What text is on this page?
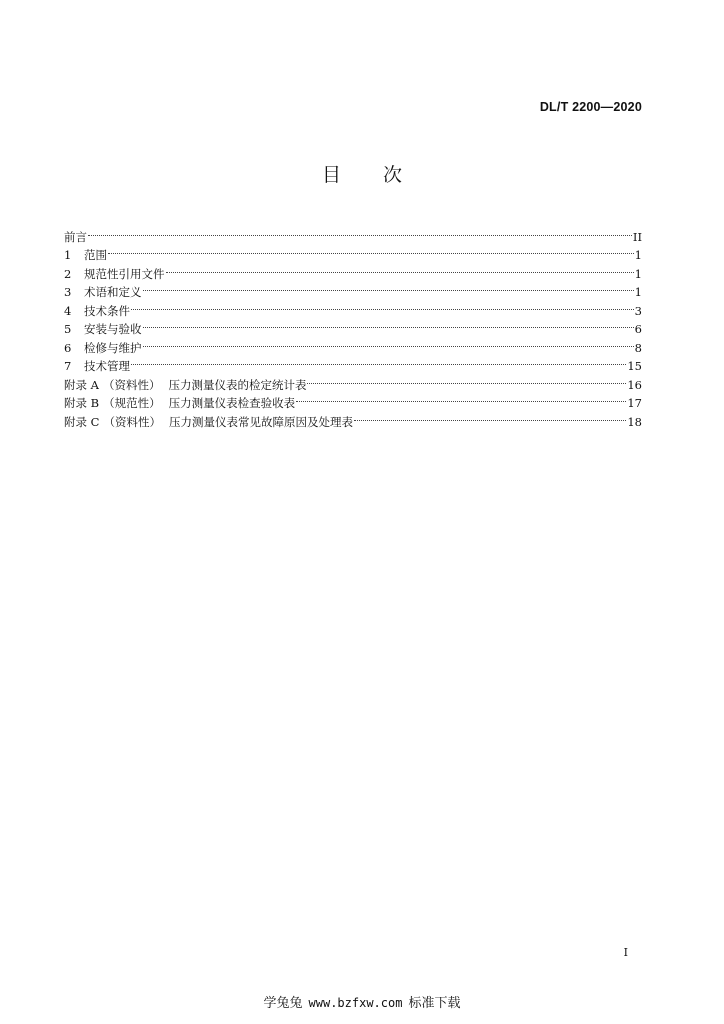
DL/T 2200—2020
目 次
前言	II
1	范围	1
2	规范性引用文件	1
3	术语和定义	1
4	技术条件	3
5	安装与验收	6
6	检修与维护	8
7	技术管理	15
附录 A （资料性） 压力测量仪表的检定统计表	16
附录 B （规范性） 压力测量仪表检查验收表	17
附录 C （资料性） 压力测量仪表常见故障原因及处理表	18
I
学兔兔 www.bzfxw.com 标准下载
